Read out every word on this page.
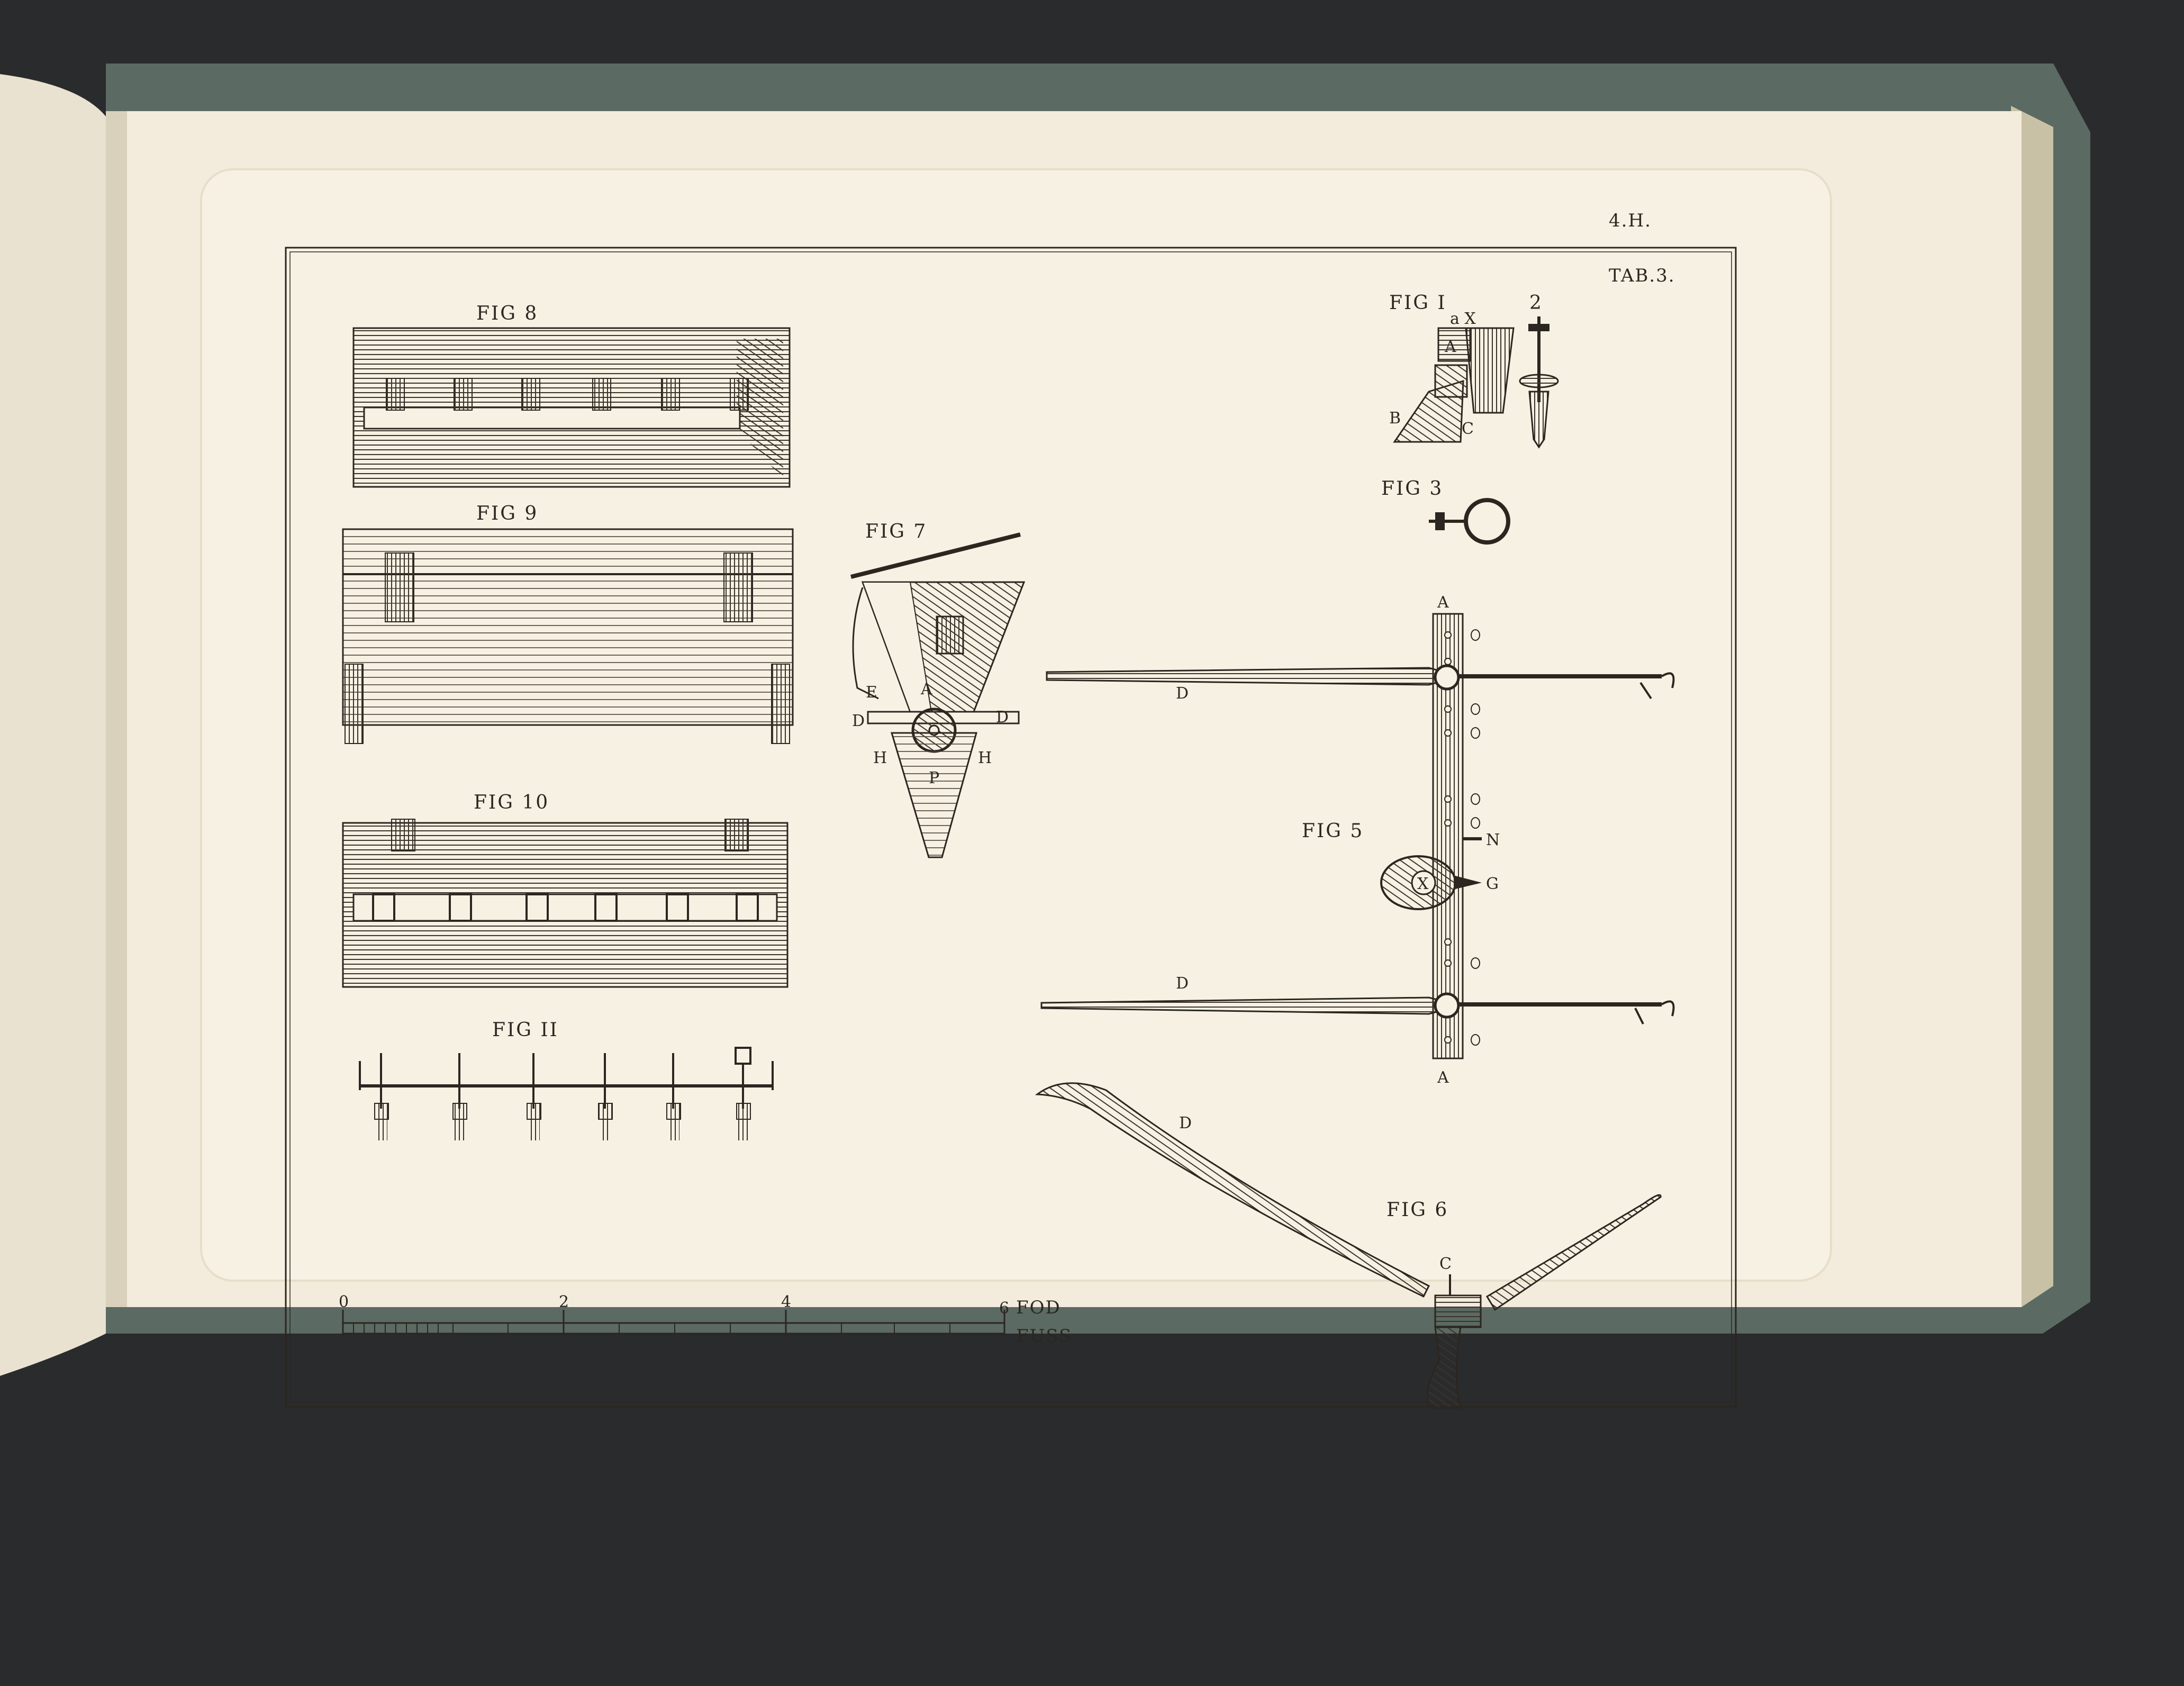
4.H.
TAB.3.
FIG 8
FIG 9
FIG 10
FIG II
0	2	4	6 FOD
FUSS
FIG 7
A
E
D	D
H	H
P
FIG I
a X
A
B
C
2
FIG 3
FIG 5
A
N
G
X
D
D
A
FIG 6
D
C
